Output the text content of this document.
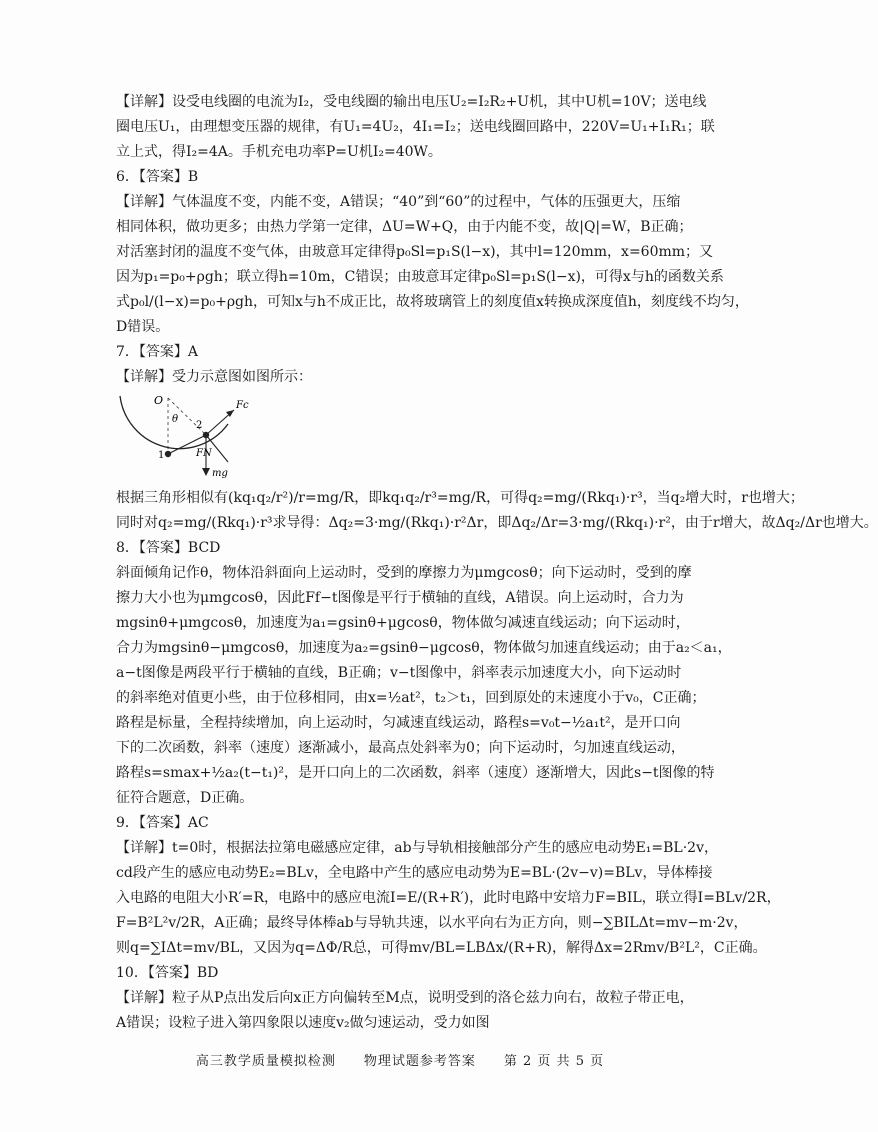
【详解】设受电线圈的电流为I₂，受电线圈的输出电压U₂=I₂R₂+U机，其中U机=10V；送电线
圈电压U₁，由理想变压器的规律，有U₁=4U₂，4I₁=I₂；送电线圈回路中，220V=U₁+I₁R₁；联
立上式，得I₂=4A。手机充电功率P=U机I₂=40W。
6．【答案】B
【详解】气体温度不变，内能不变，A错误；“40”到“60”的过程中，气体的压强更大，压缩
相同体积，做功更多；由热力学第一定律，ΔU=W+Q，由于内能不变，故|Q|=W，B正确；
对活塞封闭的温度不变气体，由玻意耳定律得p₀Sl=p₁S(l−x)，其中l=120mm，x=60mm；又
因为p₁=p₀+ρgh；联立得h=10m，C错误；由玻意耳定律p₀Sl=p₁S(l−x)，可得x与h的函数关系
式p₀l/(l−x)=p₀+ρgh，可知x与h不成正比，故将玻璃管上的刻度值x转换成深度值h，刻度线不均匀，
D错误。
7．【答案】A
【详解】受力示意图如图所示：
O
θ
1
2
Fc
FN
mg
根据三角形相似有(kq₁q₂/r²)/r=mg/R，即kq₁q₂/r³=mg/R，可得q₂=mg/(Rkq₁)·r³，当q₂增大时，r也增大；
同时对q₂=mg/(Rkq₁)·r³求导得：Δq₂=3·mg/(Rkq₁)·r²Δr，即Δq₂/Δr=3·mg/(Rkq₁)·r²，由于r增大，故Δq₂/Δr也增大。
8．【答案】BCD
斜面倾角记作θ，物体沿斜面向上运动时，受到的摩擦力为μmgcosθ；向下运动时，受到的摩
擦力大小也为μmgcosθ，因此Ff−t图像是平行于横轴的直线，A错误。向上运动时，合力为
mgsinθ+μmgcosθ，加速度为a₁=gsinθ+μgcosθ，物体做匀减速直线运动；向下运动时，
合力为mgsinθ−μmgcosθ，加速度为a₂=gsinθ−μgcosθ，物体做匀加速直线运动；由于a₂＜a₁，
a−t图像是两段平行于横轴的直线，B正确；v−t图像中，斜率表示加速度大小，向下运动时
的斜率绝对值更小些，由于位移相同，由x=½at²，t₂＞t₁，回到原处的末速度小于v₀，C正确；
路程是标量，全程持续增加，向上运动时，匀减速直线运动，路程s=v₀t−½a₁t²，是开口向
下的二次函数，斜率（速度）逐渐减小，最高点处斜率为0；向下运动时，匀加速直线运动，
路程s=smax+½a₂(t−t₁)²，是开口向上的二次函数，斜率（速度）逐渐增大，因此s−t图像的特
征符合题意，D正确。
9．【答案】AC
【详解】t=0时，根据法拉第电磁感应定律，ab与导轨相接触部分产生的感应电动势E₁=BL·2v，
cd段产生的感应电动势E₂=BLv，全电路中产生的感应电动势为E=BL·(2v−v)=BLv，导体棒接
入电路的电阻大小R′=R，电路中的感应电流I=E/(R+R′)，此时电路中安培力F=BIL，联立得I=BLv/2R，
F=B²L²v/2R，A正确；最终导体棒ab与导轨共速，以水平向右为正方向，则−∑BILΔt=mv−m·2v，
则q=∑IΔt=mv/BL，又因为q=ΔΦ/R总，可得mv/BL=LBΔx/(R+R)，解得Δx=2Rmv/B²L²，C正确。
10．【答案】BD
【详解】粒子从P点出发后向x正方向偏转至M点，说明受到的洛仑兹力向右，故粒子带正电，
A错误；设粒子进入第四象限以速度v₂做匀速运动，受力如图
高三教学质量模拟检测　　物理试题参考答案　　第 2 页 共 5 页
